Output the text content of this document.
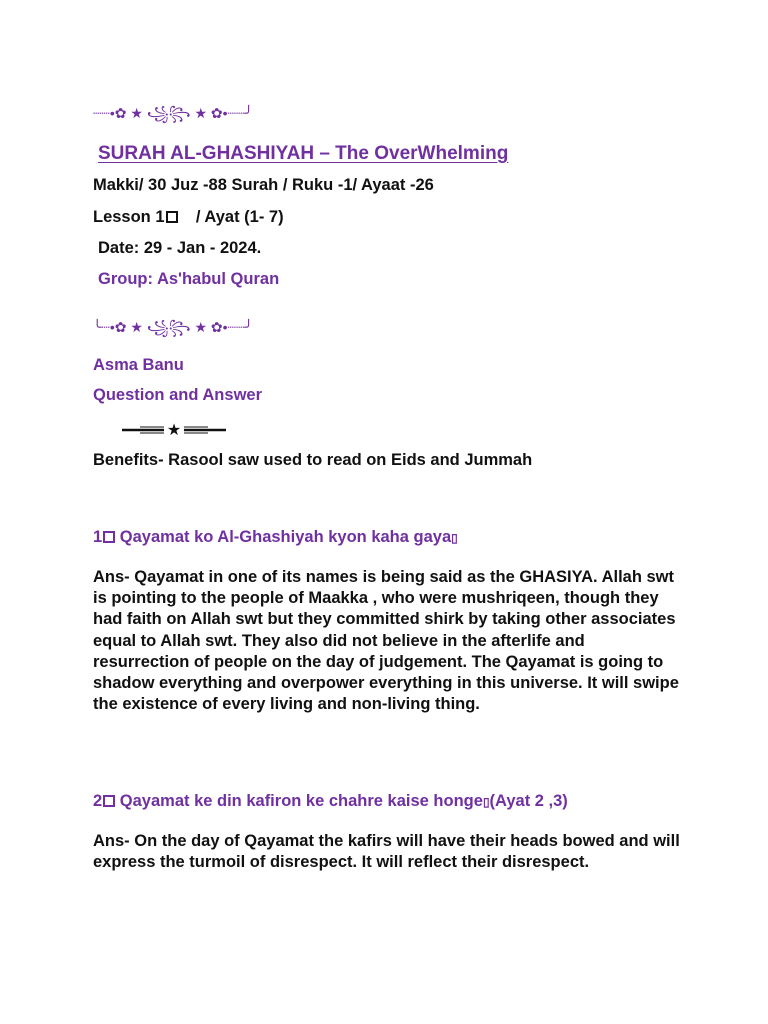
┈┈•✿ ★ ꧁꧂ ★ ✿•┈┈╯
SURAH AL-GHASHIYAH – The OverWhelming
Makki/ 30 Juz -88 Surah / Ruku -1/ Ayaat -26
Lesson 1 / Ayat (1- 7)
Date: 29 - Jan - 2024.
Group: As'habul Quran
╰┈•✿ ★ ꧁꧂ ★ ✿•┈┈╯
Asma Banu
Question and Answer
★
Benefits- Rasool saw used to read on Eids and Jummah
1 Qayamat ko Al-Ghashiyah kyon kaha gaya▯
Ans- Qayamat in one of its names is being said as the GHASIYA. Allah swt is pointing to the people of Maakka , who were mushriqeen, though they had faith on Allah swt but they committed shirk by taking other associates equal to Allah swt. They also did not believe in the afterlife and resurrection of people on the day of judgement. The Qayamat is going to shadow everything and overpower everything in this universe. It will swipe the existence of every living and non-living thing.
2 Qayamat ke din kafiron ke chahre kaise honge▯(Ayat 2 ,3)
Ans- On the day of Qayamat the kafirs will have their heads bowed and will express the turmoil of disrespect. It will reflect their disrespect.
